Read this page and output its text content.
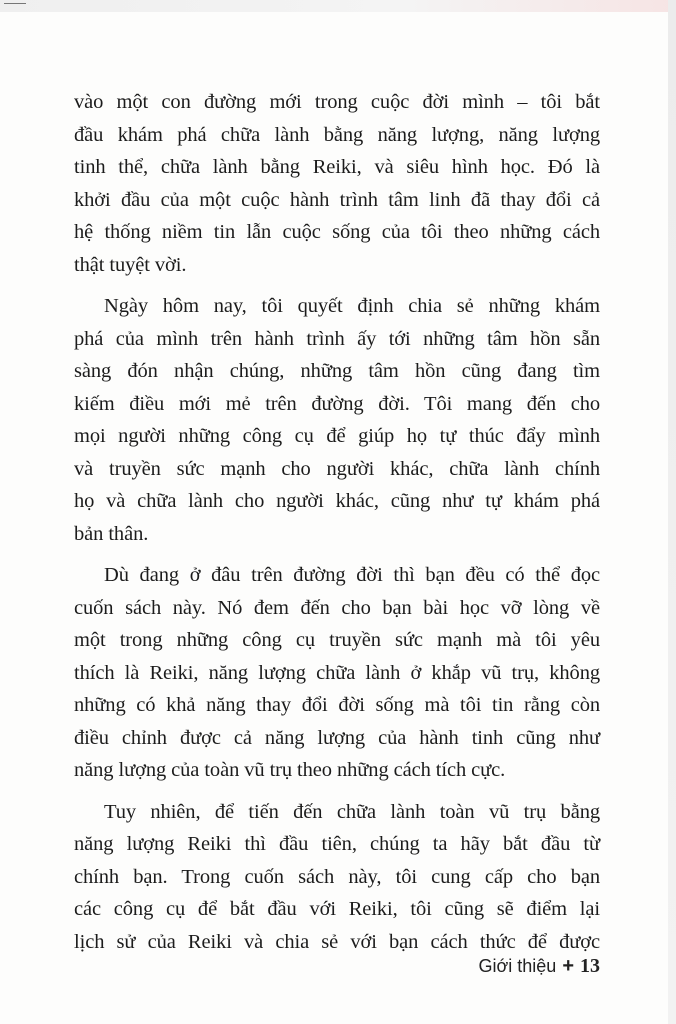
vào một con đường mới trong cuộc đời mình – tôi bắt
đầu khám phá chữa lành bằng năng lượng, năng lượng
tinh thể, chữa lành bằng Reiki, và siêu hình học. Đó là
khởi đầu của một cuộc hành trình tâm linh đã thay đổi cả
hệ thống niềm tin lẫn cuộc sống của tôi theo những cách
thật tuyệt vời.

Ngày hôm nay, tôi quyết định chia sẻ những khám
phá của mình trên hành trình ấy tới những tâm hồn sẵn
sàng đón nhận chúng, những tâm hồn cũng đang tìm
kiếm điều mới mẻ trên đường đời. Tôi mang đến cho
mọi người những công cụ để giúp họ tự thúc đẩy mình
và truyền sức mạnh cho người khác, chữa lành chính
họ và chữa lành cho người khác, cũng như tự khám phá
bản thân.

Dù đang ở đâu trên đường đời thì bạn đều có thể đọc
cuốn sách này. Nó đem đến cho bạn bài học vỡ lòng về
một trong những công cụ truyền sức mạnh mà tôi yêu
thích là Reiki, năng lượng chữa lành ở khắp vũ trụ, không
những có khả năng thay đổi đời sống mà tôi tin rằng còn
điều chỉnh được cả năng lượng của hành tinh cũng như
năng lượng của toàn vũ trụ theo những cách tích cực.

Tuy nhiên, để tiến đến chữa lành toàn vũ trụ bằng
năng lượng Reiki thì đầu tiên, chúng ta hãy bắt đầu từ
chính bạn. Trong cuốn sách này, tôi cung cấp cho bạn
các công cụ để bắt đầu với Reiki, tôi cũng sẽ điểm lại
lịch sử của Reiki và chia sẻ với bạn cách thức để được

Giới thiệu + 13
